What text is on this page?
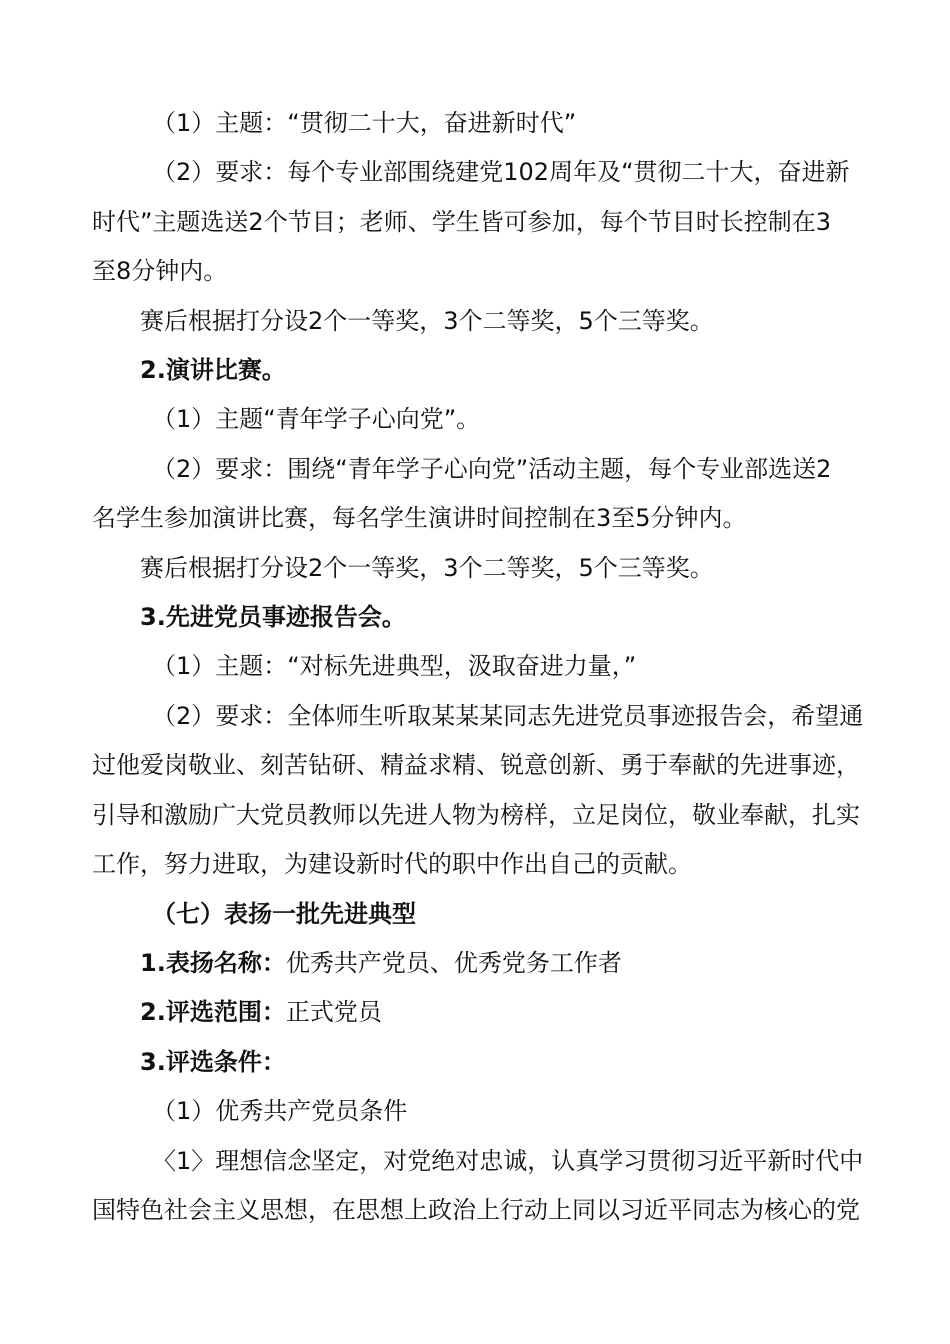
（1）主题：“贯彻二十大，奋进新时代”
（2）要求：每个专业部围绕建党102周年及“贯彻二十大，奋进新
时代”主题选送2个节目；老师、学生皆可参加，每个节目时长控制在3
至8分钟内。
赛后根据打分设2个一等奖，3个二等奖，5个三等奖。
2.演讲比赛。
（1）主题“青年学子心向党”。
（2）要求：围绕“青年学子心向党”活动主题，每个专业部选送2
名学生参加演讲比赛，每名学生演讲时间控制在3至5分钟内。
赛后根据打分设2个一等奖，3个二等奖，5个三等奖。
3.先进党员事迹报告会。
（1）主题：“对标先进典型，汲取奋进力量，”
（2）要求：全体师生听取某某某同志先进党员事迹报告会，希望通
过他爱岗敬业、刻苦钻研、精益求精、锐意创新、勇于奉献的先进事迹，
引导和激励广大党员教师以先进人物为榜样，立足岗位，敬业奉献，扎实
工作，努力进取，为建设新时代的职中作出自己的贡献。
（七）表扬一批先进典型
1.表扬名称：优秀共产党员、优秀党务工作者
2.评选范围：正式党员
3.评选条件：
（1）优秀共产党员条件
〈1〉理想信念坚定，对党绝对忠诚，认真学习贯彻习近平新时代中
国特色社会主义思想，在思想上政治上行动上同以习近平同志为核心的党
